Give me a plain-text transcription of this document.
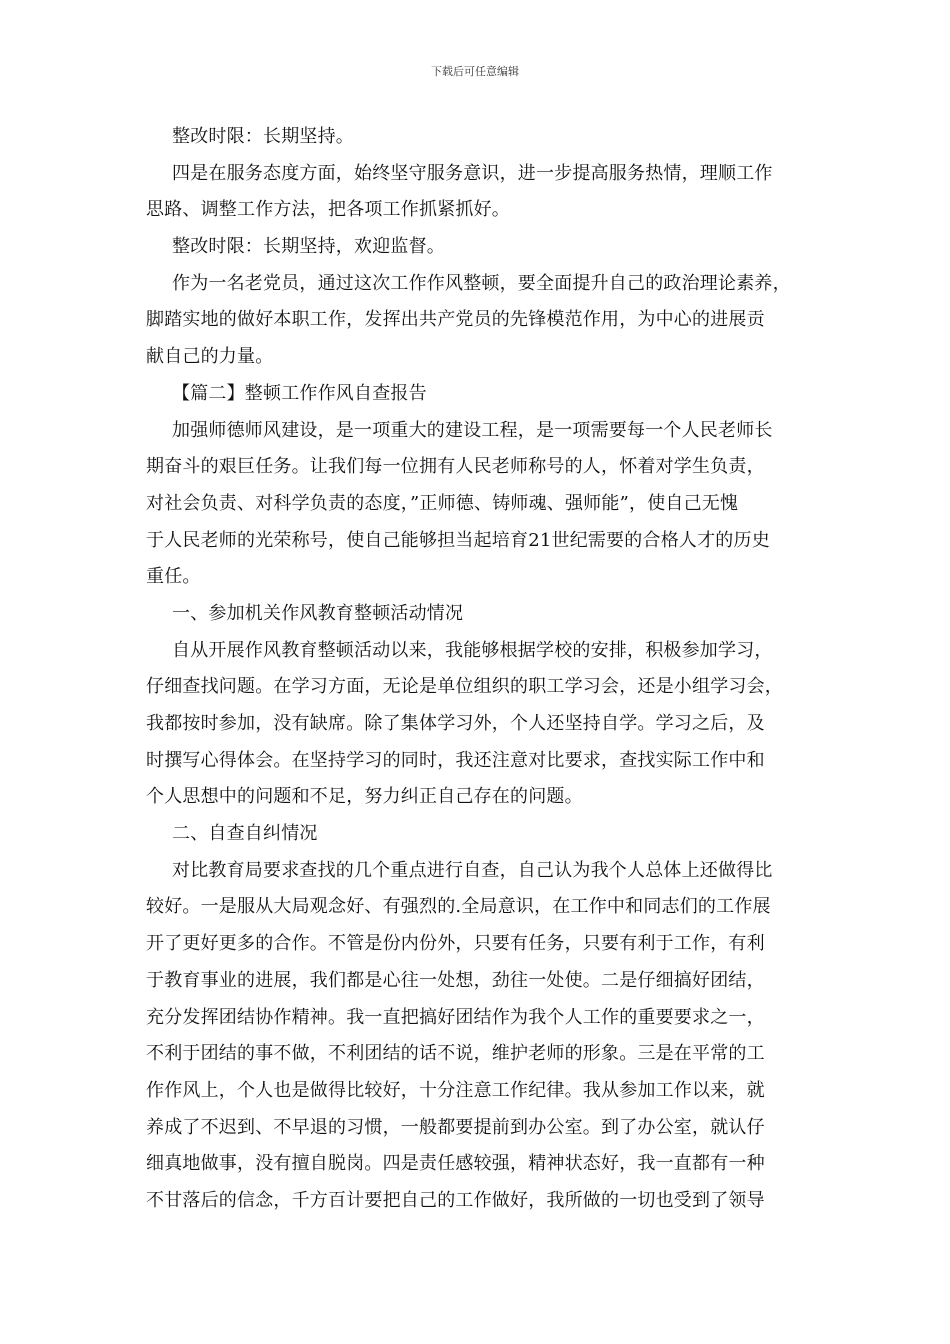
下载后可任意编辑
整改时限：长期坚持。
四是在服务态度方面，始终坚守服务意识，进一步提高服务热情，理顺工作
思路、调整工作方法，把各项工作抓紧抓好。
整改时限：长期坚持，欢迎监督。
作为一名老党员，通过这次工作作风整顿，要全面提升自己的政治理论素养，
脚踏实地的做好本职工作，发挥出共产党员的先锋模范作用，为中心的进展贡
献自己的力量。
【篇二】整顿工作作风自查报告
加强师德师风建设，是一项重大的建设工程，是一项需要每一个人民老师长
期奋斗的艰巨任务。让我们每一位拥有人民老师称号的人，怀着对学生负责，
对社会负责、对科学负责的态度，”正师德、铸师魂、强师能”，使自己无愧
于人民老师的光荣称号，使自己能够担当起培育21世纪需要的合格人才的历史
重任。
一、参加机关作风教育整顿活动情况
自从开展作风教育整顿活动以来，我能够根据学校的安排，积极参加学习，
仔细查找问题。在学习方面，无论是单位组织的职工学习会，还是小组学习会，
我都按时参加，没有缺席。除了集体学习外，个人还坚持自学。学习之后，及
时撰写心得体会。在坚持学习的同时，我还注意对比要求，查找实际工作中和
个人思想中的问题和不足，努力纠正自己存在的问题。
二、自查自纠情况
对比教育局要求查找的几个重点进行自查，自己认为我个人总体上还做得比
较好。一是服从大局观念好、有强烈的.全局意识，在工作中和同志们的工作展
开了更好更多的合作。不管是份内份外，只要有任务，只要有利于工作，有利
于教育事业的进展，我们都是心往一处想，劲往一处使。二是仔细搞好团结，
充分发挥团结协作精神。我一直把搞好团结作为我个人工作的重要要求之一，
不利于团结的事不做，不利团结的话不说，维护老师的形象。三是在平常的工
作作风上，个人也是做得比较好，十分注意工作纪律。我从参加工作以来，就
养成了不迟到、不早退的习惯，一般都要提前到办公室。到了办公室，就认仔
细真地做事，没有擅自脱岗。四是责任感较强，精神状态好，我一直都有一种
不甘落后的信念，千方百计要把自己的工作做好，我所做的一切也受到了领导
